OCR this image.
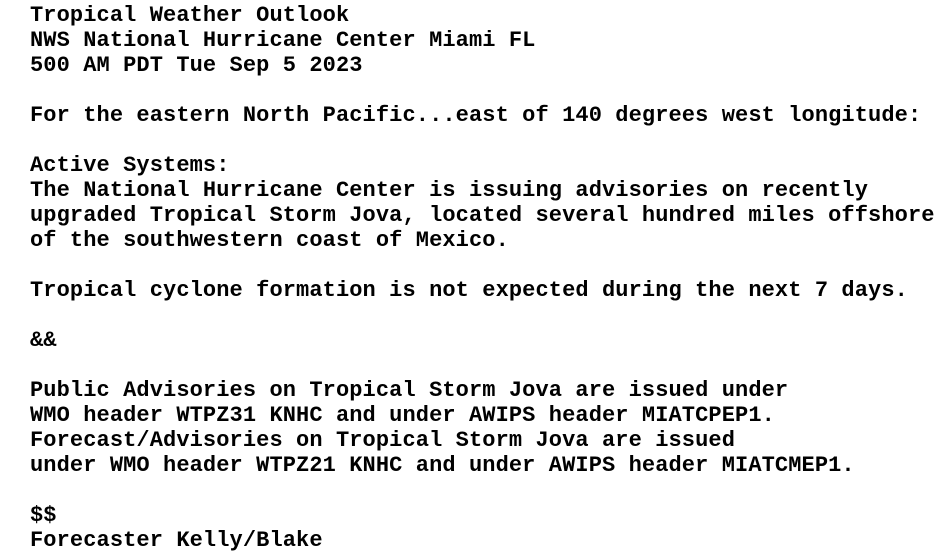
Tropical Weather Outlook
NWS National Hurricane Center Miami FL
500 AM PDT Tue Sep 5 2023
For the eastern North Pacific...east of 140 degrees west longitude:
Active Systems:
The National Hurricane Center is issuing advisories on recently
upgraded Tropical Storm Jova, located several hundred miles offshore
of the southwestern coast of Mexico.
Tropical cyclone formation is not expected during the next 7 days.
&&
Public Advisories on Tropical Storm Jova are issued under
WMO header WTPZ31 KNHC and under AWIPS header MIATCPEP1.
Forecast/Advisories on Tropical Storm Jova are issued
under WMO header WTPZ21 KNHC and under AWIPS header MIATCMEP1.
$$
Forecaster Kelly/Blake
